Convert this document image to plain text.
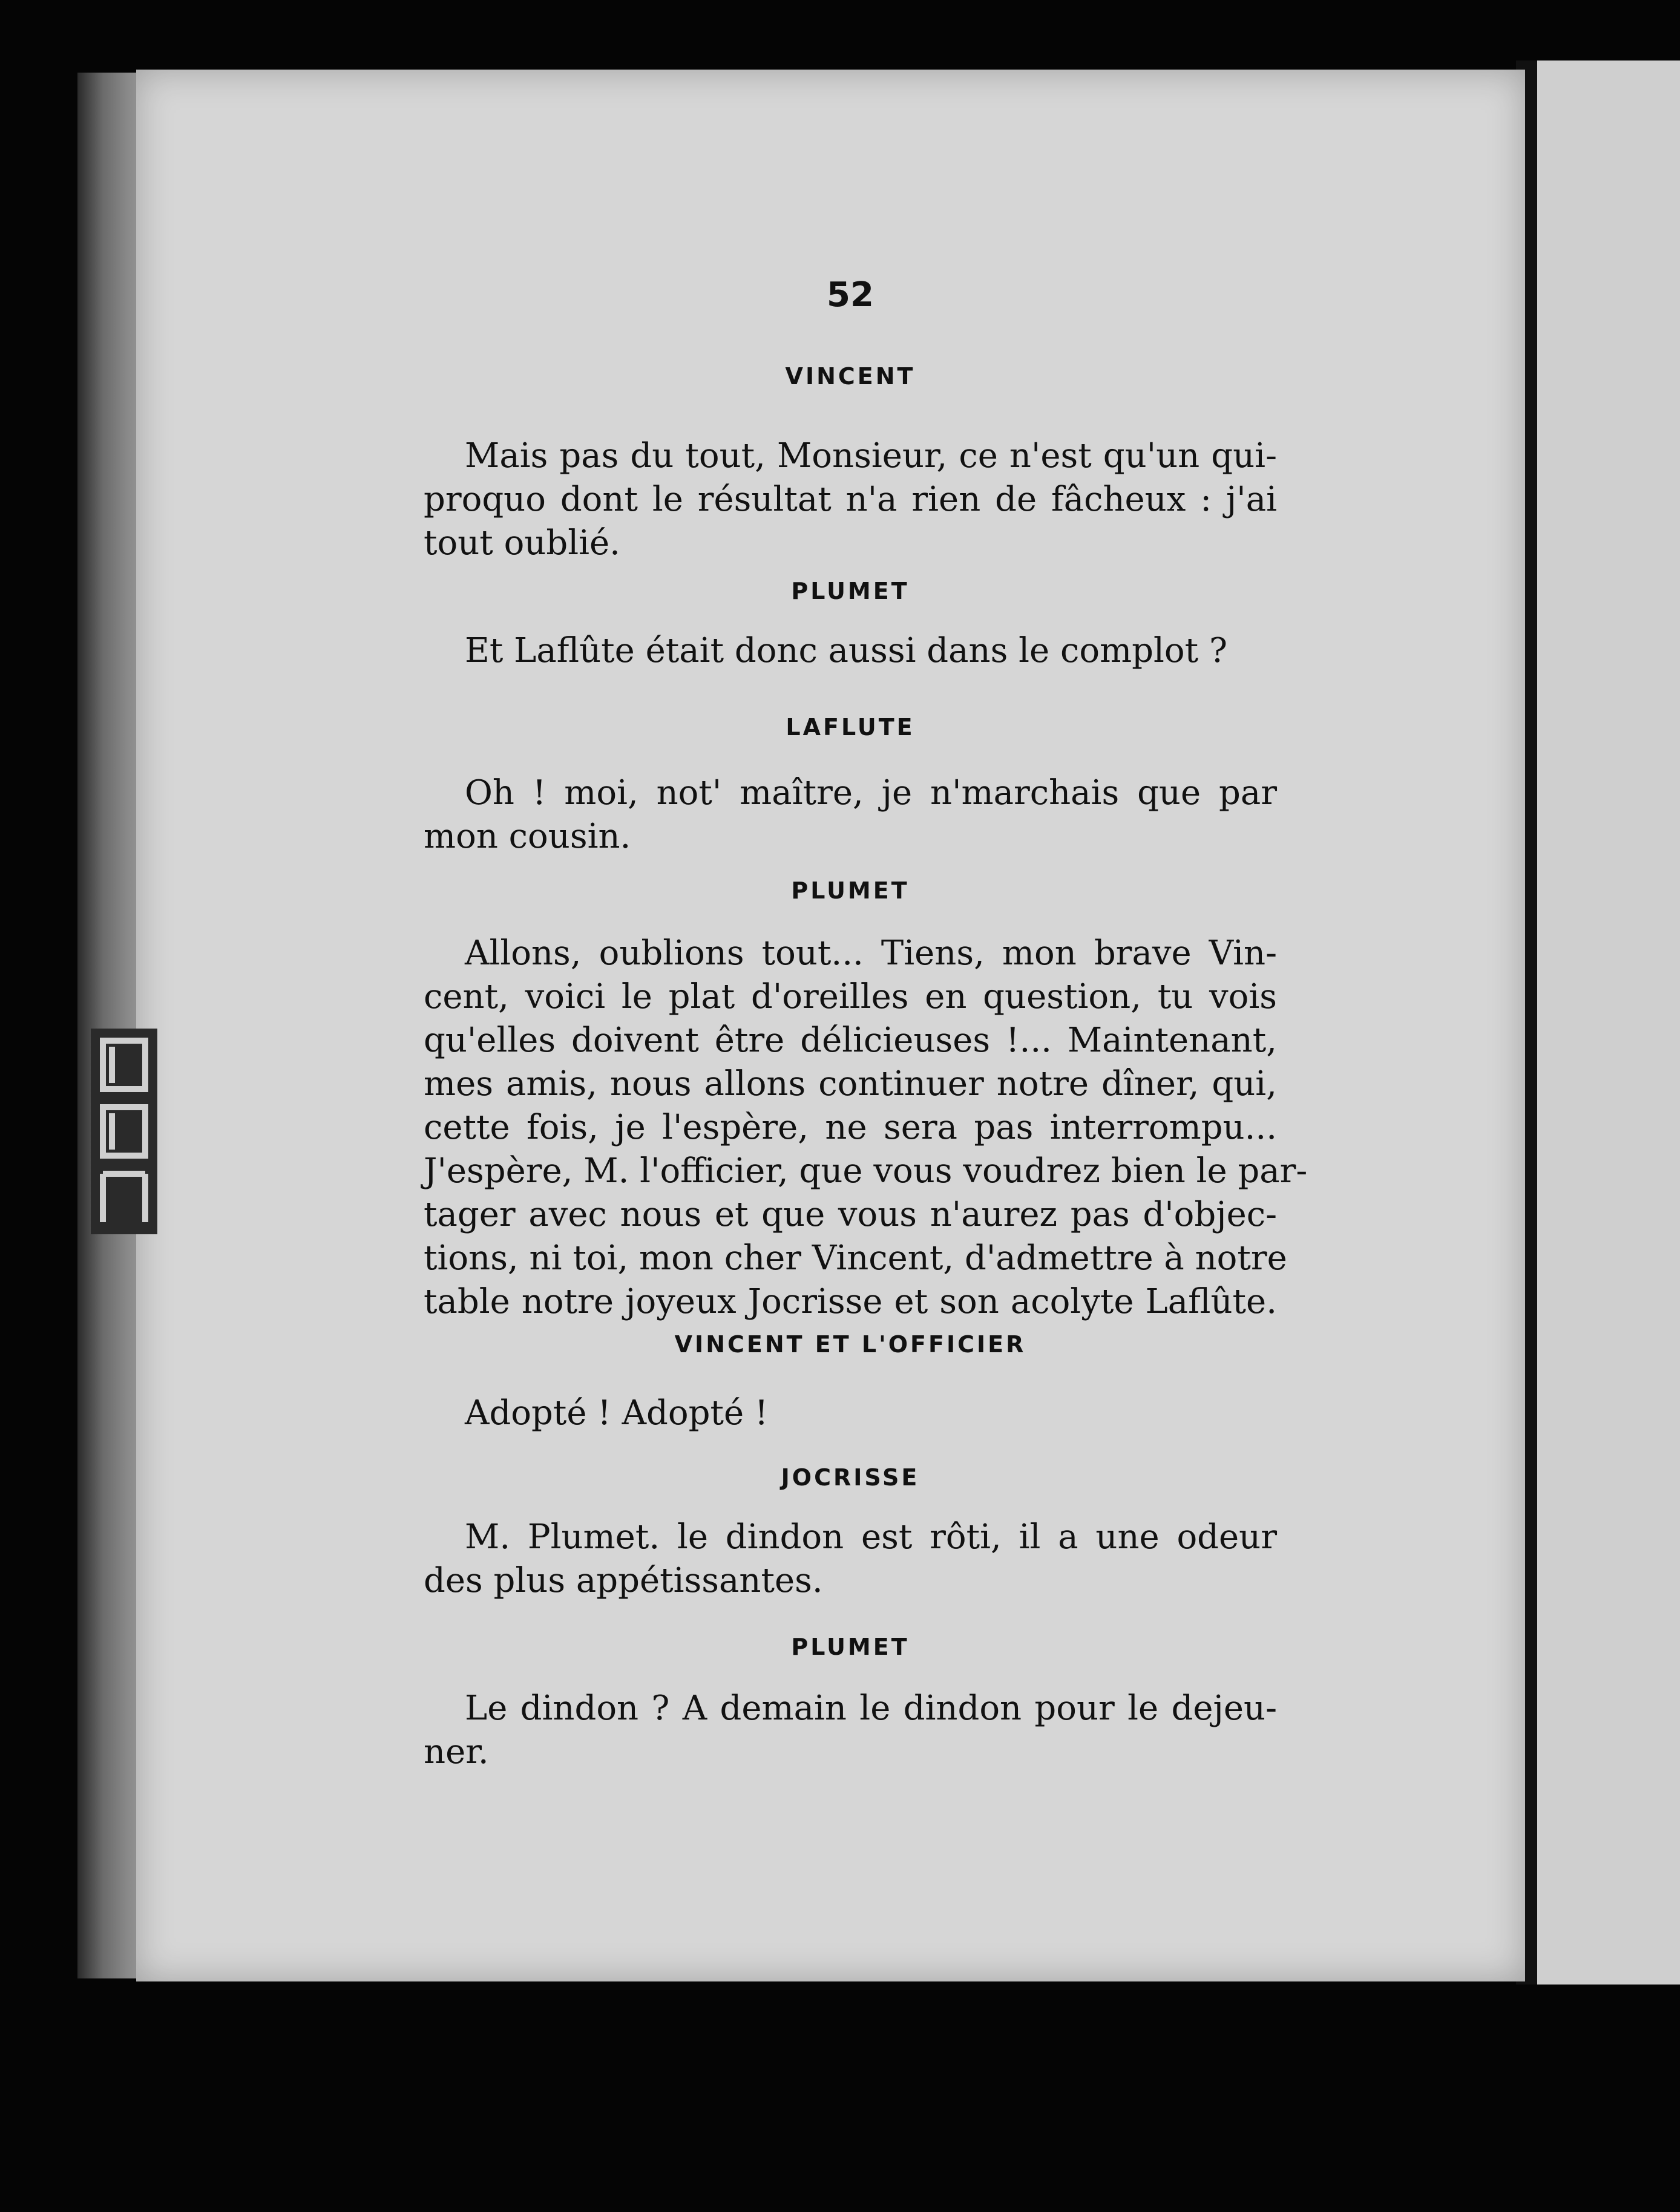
52
VINCENT
Mais pas du tout, Monsieur, ce n'est qu'un qui-
proquo dont le résultat n'a rien de fâcheux : j'ai
tout oublié.
PLUMET
Et Laflûte était donc aussi dans le complot ?
LAFLUTE
Oh ! moi, not' maître, je n'marchais que par
mon cousin.
PLUMET
Allons, oublions tout... Tiens, mon brave Vin-
cent, voici le plat d'oreilles en question, tu vois
qu'elles doivent être délicieuses !... Maintenant,
mes amis, nous allons continuer notre dîner, qui,
cette fois, je l'espère, ne sera pas interrompu...
J'espère, M. l'officier, que vous voudrez bien le par-
tager avec nous et que vous n'aurez pas d'objec-
tions, ni toi, mon cher Vincent, d'admettre à notre
table notre joyeux Jocrisse et son acolyte Laflûte.
VINCENT ET L'OFFICIER
Adopté ! Adopté !
JOCRISSE
M. Plumet. le dindon est rôti, il a une odeur
des plus appétissantes.
PLUMET
Le dindon ? A demain le dindon pour le dejeu-
ner.
